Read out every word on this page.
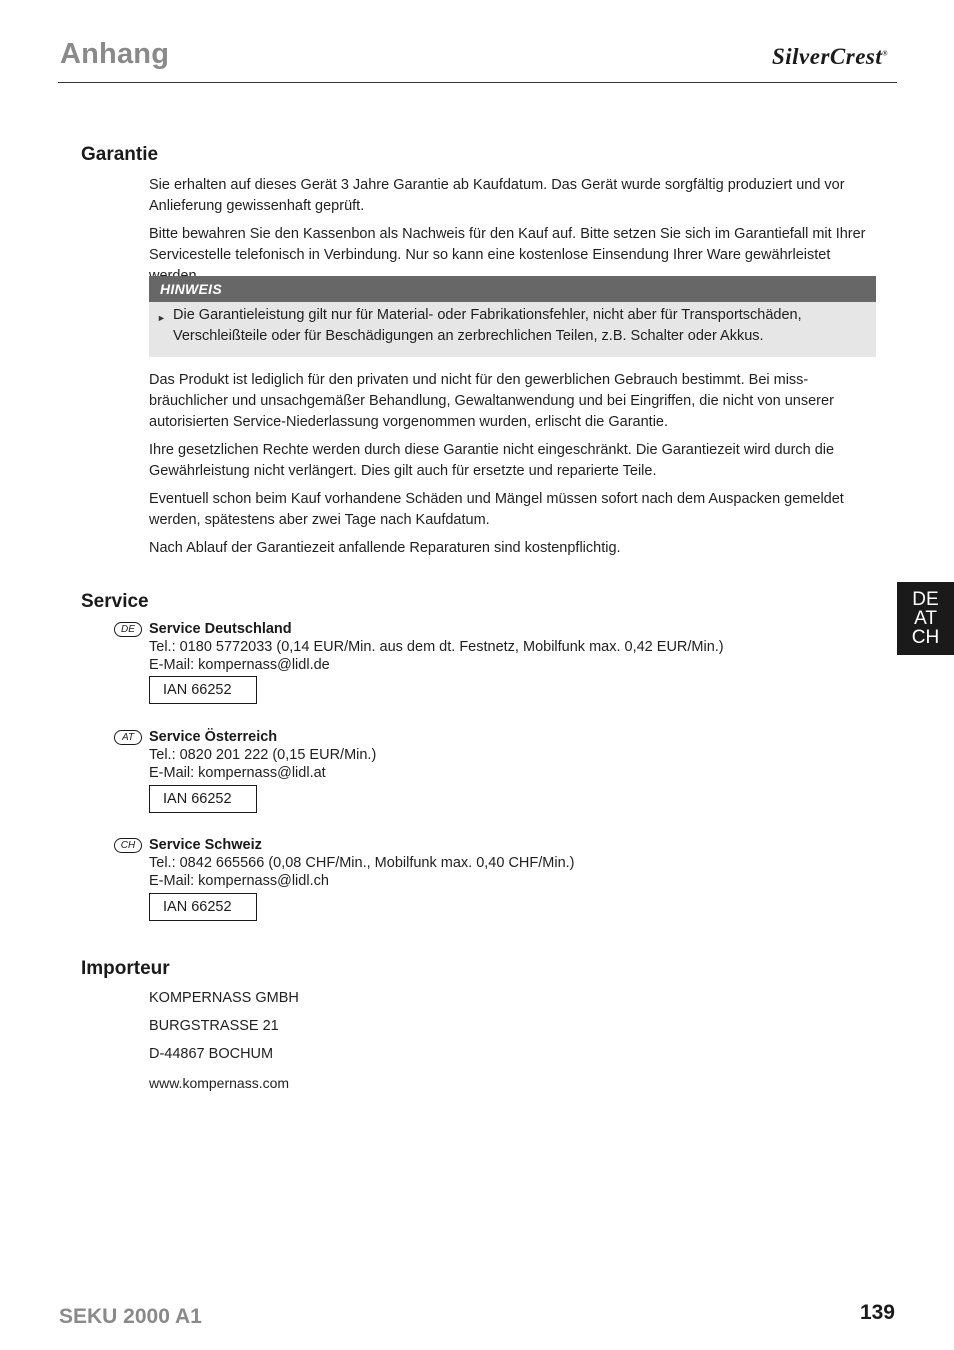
Anhang	SilverCrest®
Garantie

Sie erhalten auf dieses Gerät 3 Jahre Garantie ab Kaufdatum. Das Gerät wurde sorgfältig produziert und vor Anlieferung gewissenhaft geprüft.

Bitte bewahren Sie den Kassenbon als Nachweis für den Kauf auf. Bitte setzen Sie sich im Garantiefall mit Ihrer Servicestelle telefonisch in Verbindung. Nur so kann eine kostenlose Einsendung Ihrer Ware gewährleistet

HINWEIS
► Die Garantieleistung gilt nur für Material- oder Fabrikationsfehler, nicht aber für Transportschäden, Verschleißteile oder für Beschädigungen an zerbrechlichen Teilen, z.B. Schalter oder Akkus.

Das Produkt ist lediglich für den privaten und nicht für den gewerblichen Gebrauch bestimmt. Bei miss-bräuchlicher und unsachgemäßer Behandlung, Gewaltanwendung und bei Eingriffen, die nicht von unserer autorisierten Service-Niederlassung vorgenommen wurden, erlischt die Garantie.

Ihre gesetzlichen Rechte werden durch diese Garantie nicht eingeschränkt. Die Garantiezeit wird durch die Gewährleistung nicht verlängert. Dies gilt auch für ersetzte und reparierte Teile.

Eventuell schon beim Kauf vorhandene Schäden und Mängel müssen sofort nach dem Auspacken gemeldet werden, spätestens aber zwei Tage nach Kaufdatum.

Nach Ablauf der Garantiezeit anfallende Reparaturen sind kostenpflichtig.

Service
DE Service Deutschland
Tel.: 0180 5772033 (0,14 EUR/Min. aus dem dt. Festnetz, Mobilfunk max. 0,42 EUR/Min.)
E-Mail: kompernass@lidl.de
IAN 66252
AT	Service Österreich
Tel.: 0820 201 222 (0,15 EUR/Min.)
E-Mail: kompernass@lidl.at
IAN 66252
CH Service Schweiz
Tel.: 0842 665566 (0,08 CHF/Min., Mobilfunk max. 0,40 CHF/Min.)
E-Mail: kompernass@lidl.ch
IAN 66252
Importeur
KOMPERNASS GMBH
BURGSTRASSE 21
D-44867 BOCHUM
www.kompernass.com
DE
AT
CH
SEKU 2000 A1	139
